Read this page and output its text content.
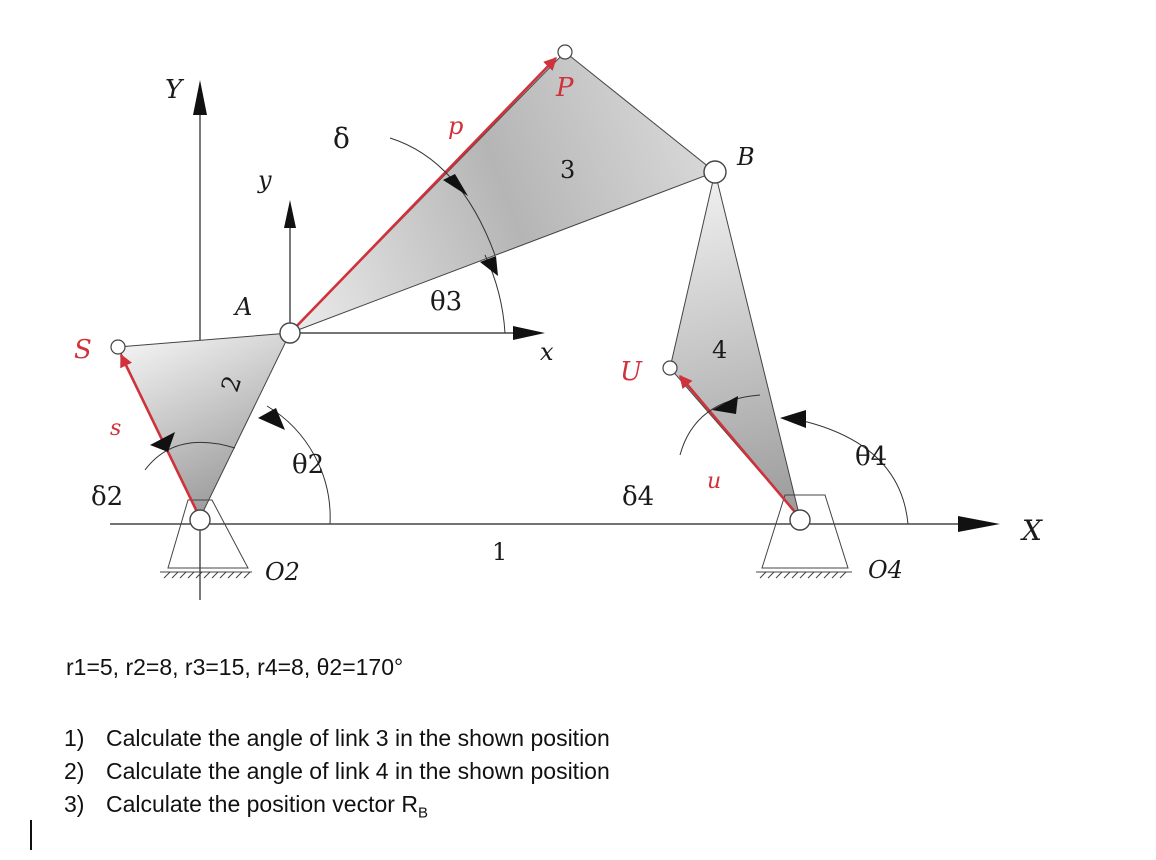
Y
X
y
x
A
B
P
p
S
s
U
u
δ
δ2	δ4
θ2
θ3
θ4
O2	O4
1
2
3
4
r1=5, r2=8, r3=15, r4=8, θ2=170°
1) Calculate the angle of link 3 in the shown position
2) Calculate the angle of link 4 in the shown position
3) Calculate the position vector $R_B$
